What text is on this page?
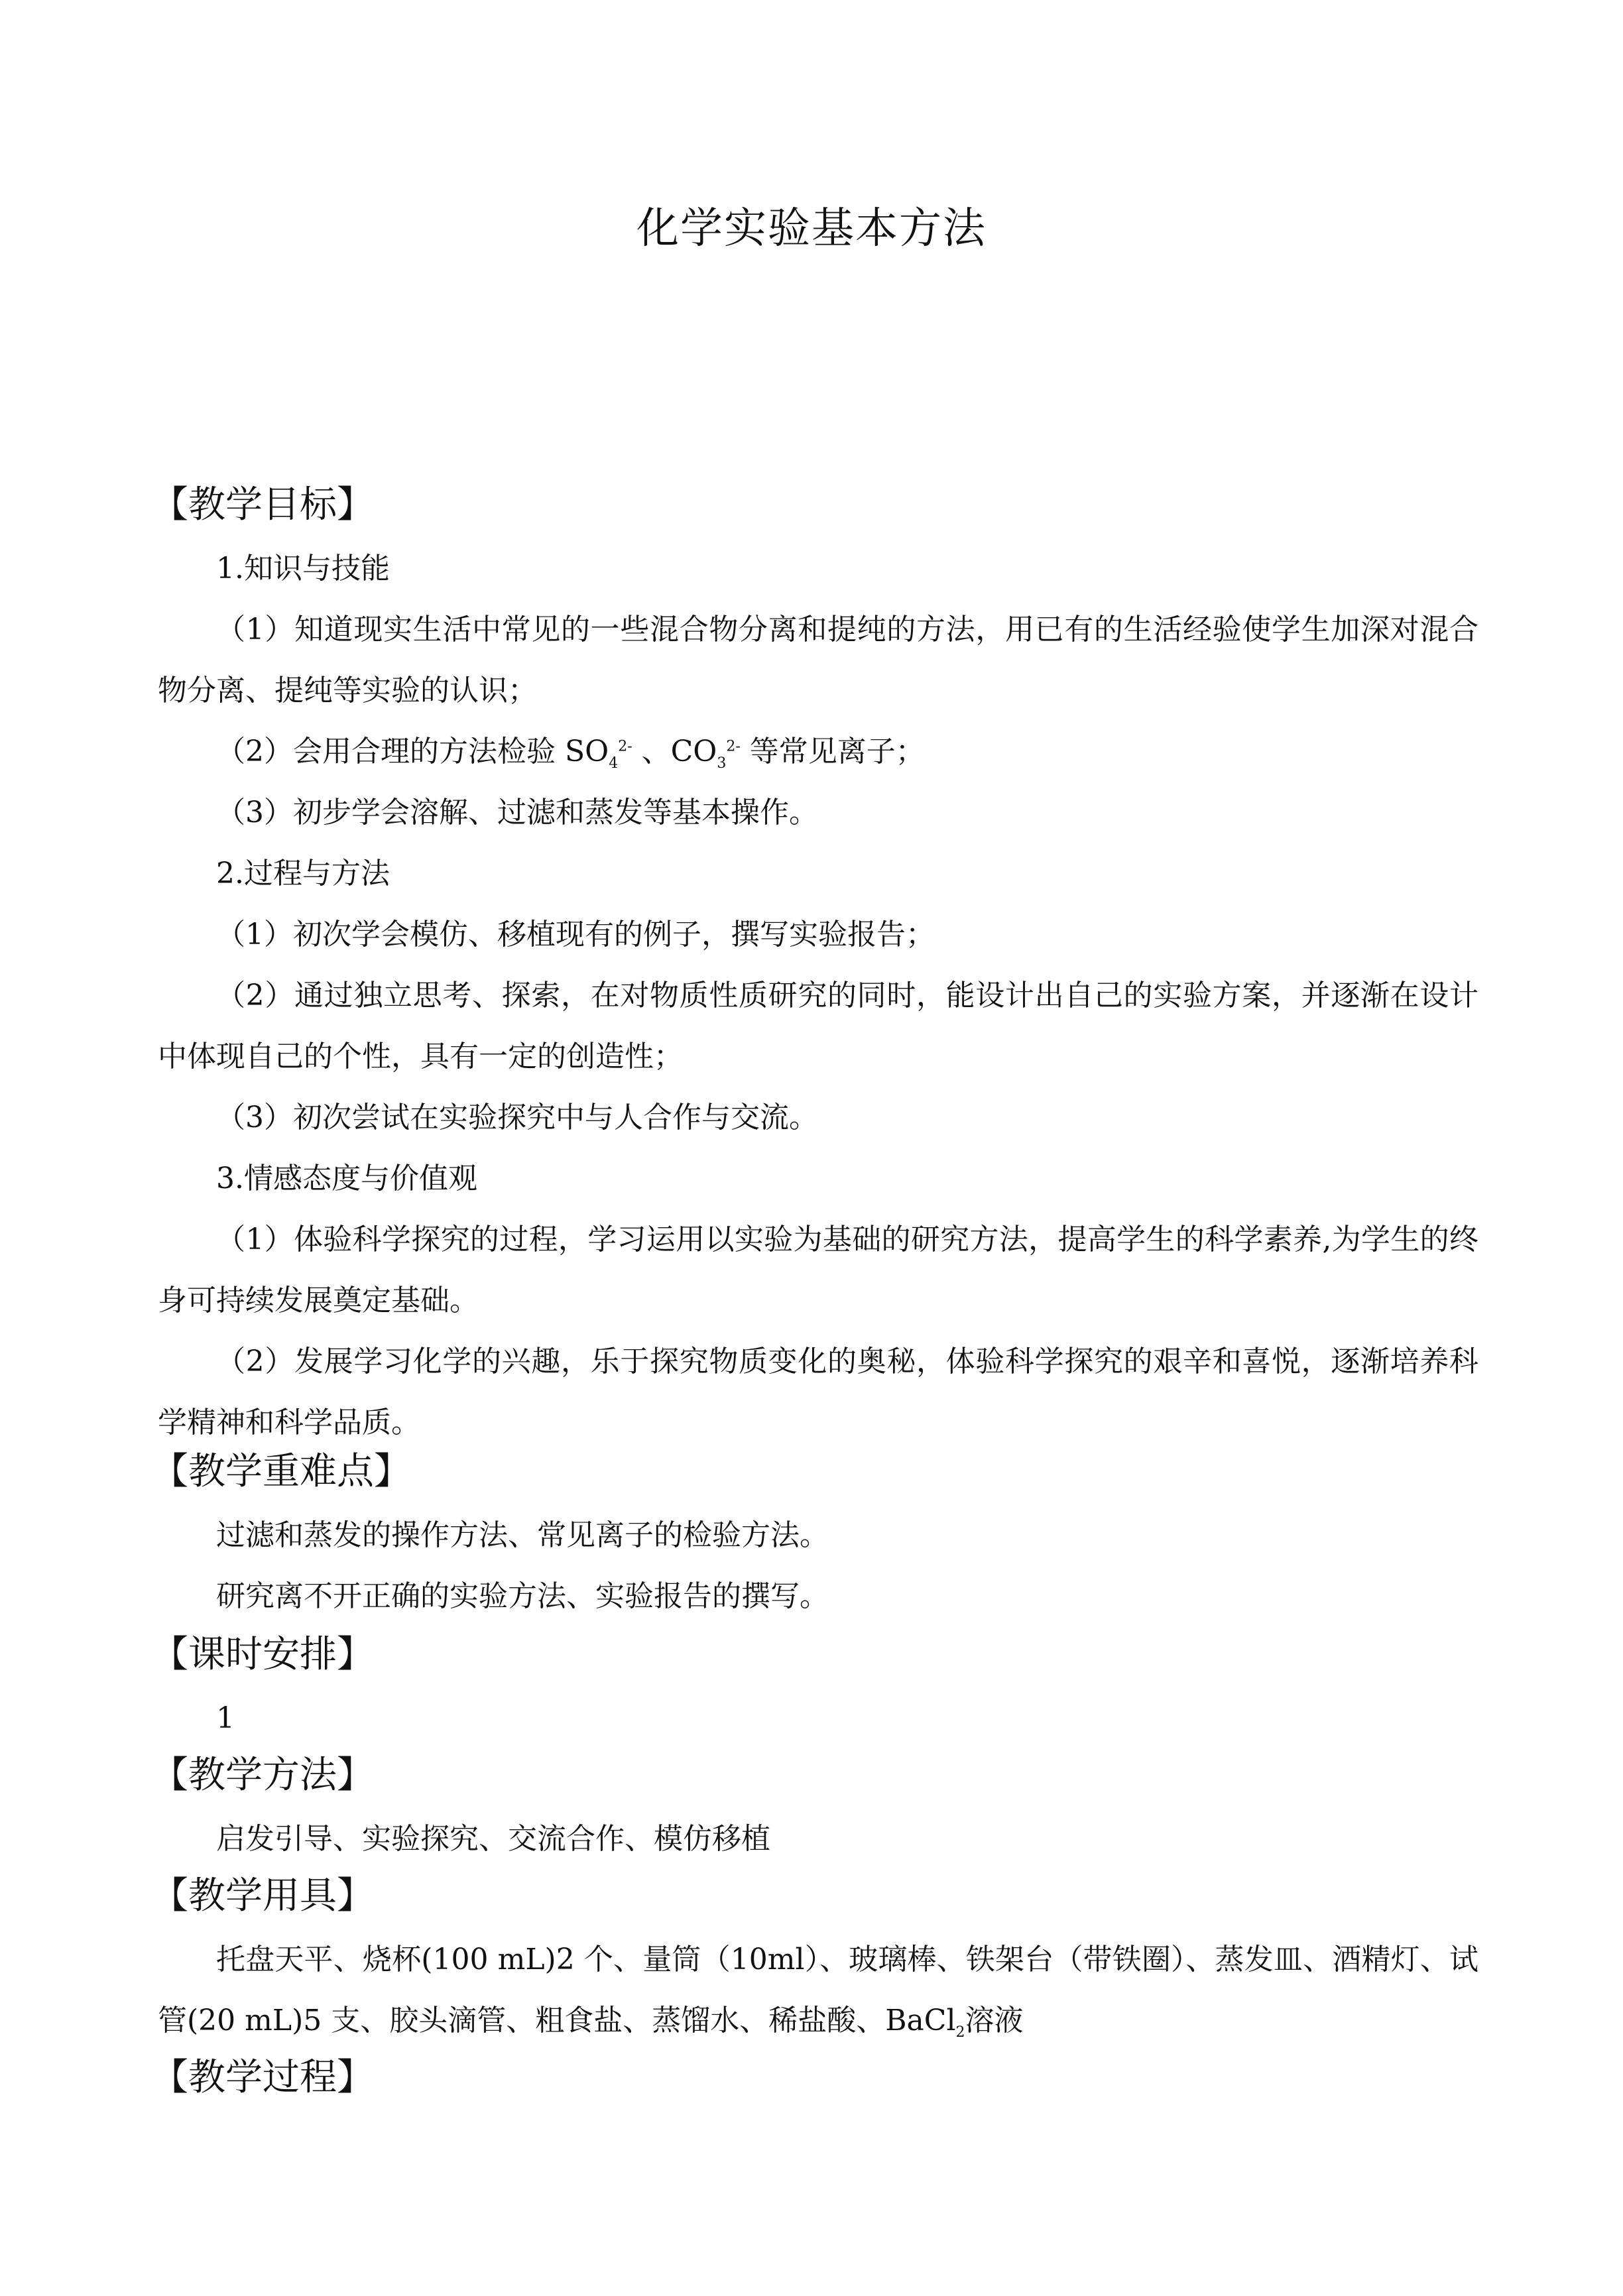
化学实验基本方法
【教学目标】
1.知识与技能
（1）知道现实生活中常见的一些混合物分离和提纯的方法，用已有的生活经验使学生加深对混合物分离、提纯等实验的认识；
（2）会用合理的方法检验 $SO_4^{2-}$ 、$CO_3^{2-}$ 等常见离子；
（3）初步学会溶解、过滤和蒸发等基本操作。
2.过程与方法
（1）初次学会模仿、移植现有的例子，撰写实验报告；
（2）通过独立思考、探索，在对物质性质研究的同时，能设计出自己的实验方案，并逐渐在设计中体现自己的个性，具有一定的创造性；
（3）初次尝试在实验探究中与人合作与交流。
3.情感态度与价值观
（1）体验科学探究的过程，学习运用以实验为基础的研究方法，提高学生的科学素养,为学生的终身可持续发展奠定基础。
（2）发展学习化学的兴趣，乐于探究物质变化的奥秘，体验科学探究的艰辛和喜悦，逐渐培养科学精神和科学品质。
【教学重难点】
过滤和蒸发的操作方法、常见离子的检验方法。
研究离不开正确的实验方法、实验报告的撰写。
【课时安排】
1
【教学方法】
启发引导、实验探究、交流合作、模仿移植
【教学用具】
托盘天平、烧杯(100 mL)2 个、量筒（10ml）、玻璃棒、铁架台（带铁圈）、蒸发皿、酒精灯、试管(20 mL)5 支、胶头滴管、粗食盐、蒸馏水、稀盐酸、BaCl$_2$溶液
【教学过程】
